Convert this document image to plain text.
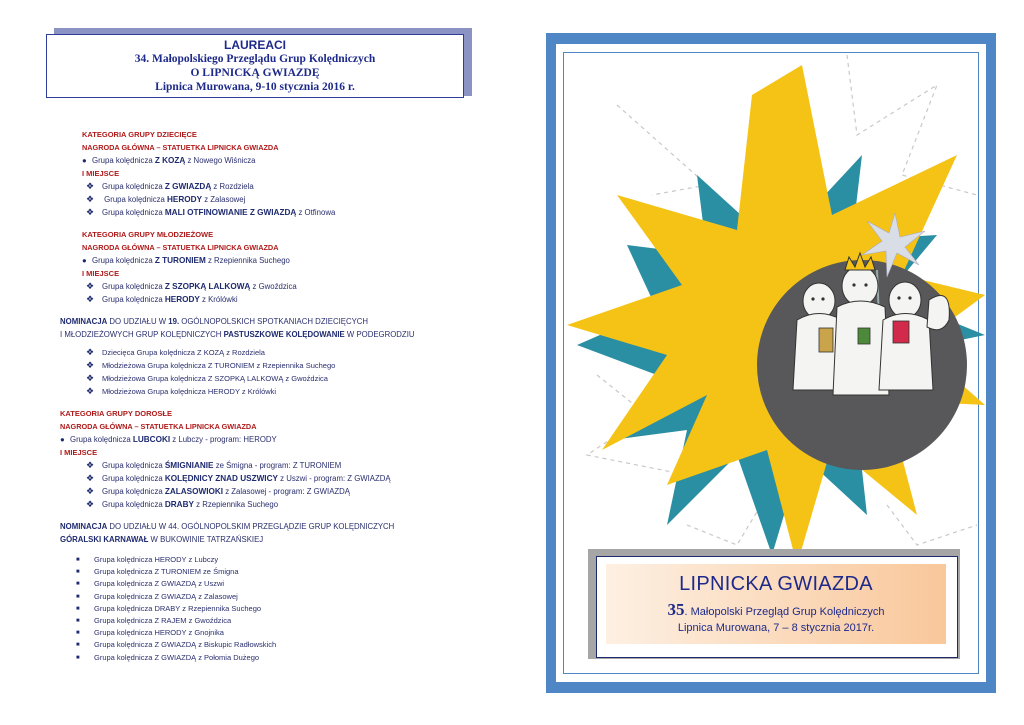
LAUREACI
34. Małopolskiego Przeglądu Grup Kolędniczych
O LIPNICKĄ GWIAZDĘ
Lipnica Murowana, 9-10 stycznia 2016 r.
KATEGORIA GRUPY DZIECIĘCE
NAGRODA GŁÓWNA – STATUETKA LIPNICKA GWIAZDA
● Grupa kolędnicza Z KOZĄ z Nowego Wiśnicza
I MIEJSCE
❖ Grupa kolędnicza Z GWIAZDĄ z Rozdziela
❖ Grupa kolędnicza HERODY z Zalasowej
❖ Grupa kolędnicza MALI OTFINOWIANIE Z GWIAZDĄ z Otfinowa
KATEGORIA GRUPY MŁODZIEŻOWE
NAGRODA GŁÓWNA – STATUETKA LIPNICKA GWIAZDA
● Grupa kolędnicza Z TURONIEM z Rzepiennika Suchego
I MIEJSCE
❖ Grupa kolędnicza Z SZOPKĄ LALKOWĄ z Gwoździca
❖ Grupa kolędnicza HERODY z Królówki
NOMINACJA DO UDZIAŁU W 19. OGÓLNOPOLSKICH SPOTKANIACH DZIECIĘCYCH
I MŁODZIEŻOWYCH GRUP KOLĘDNICZYCH PASTUSZKOWE KOLĘDOWANIE W PODEGRODZIU
❖ Dziecięca Grupa kolędnicza Z KOZĄ z Rozdziela
❖ Młodzieżowa Grupa kolędnicza Z TURONIEM z Rzepiennika Suchego
❖ Młodzieżowa Grupa kolędnicza Z SZOPKĄ LALKOWĄ z Gwoździca
❖ Młodzieżowa Grupa kolędnicza HERODY z Królówki
KATEGORIA GRUPY DOROSŁE
NAGRODA GŁÓWNA – STATUETKA LIPNICKA GWIAZDA
● Grupa kolędnicza LUBCOKI z Lubczy - program: HERODY
I MIEJSCE
❖ Grupa kolędnicza ŚMIGNIANIE ze Śmigna - program: Z TURONIEM
❖ Grupa kolędnicza KOLĘDNICY ZNAD USZWICY z Uszwi - program: Z GWIAZDĄ
❖ Grupa kolędnicza ZALASOWIOKI z Zalasowej - program: Z GWIAZDĄ
❖ Grupa kolędnicza DRABY z Rzepiennika Suchego
NOMINACJA DO UDZIAŁU W 44. OGÓLNOPOLSKIM PRZEGLĄDZIE GRUP KOLĘDNICZYCH
GÓRALSKI KARNAWAŁ W BUKOWINIE TATRZAŃSKIEJ
■ Grupa kolędnicza HERODY z Lubczy
■ Grupa kolędnicza Z TURONIEM ze Śmigna
■ Grupa kolędnicza Z GWIAZDĄ z Uszwi
■ Grupa kolędnicza Z GWIAZDĄ z Zalasowej
■ Grupa kolędnicza DRABY z Rzepiennika Suchego
■ Grupa kolędnicza Z RAJEM z Gwoździca
■ Grupa kolędnicza HERODY z Gnojnika
■ Grupa kolędnicza Z GWIAZDĄ z Biskupic Radłowskich
■ Grupa kolędnicza Z GWIAZDĄ z Połomia Dużego
LIPNICKA GWIAZDA
35. Małopolski Przegląd Grup Kolędniczych
Lipnica Murowana, 7 – 8 stycznia 2017r.
